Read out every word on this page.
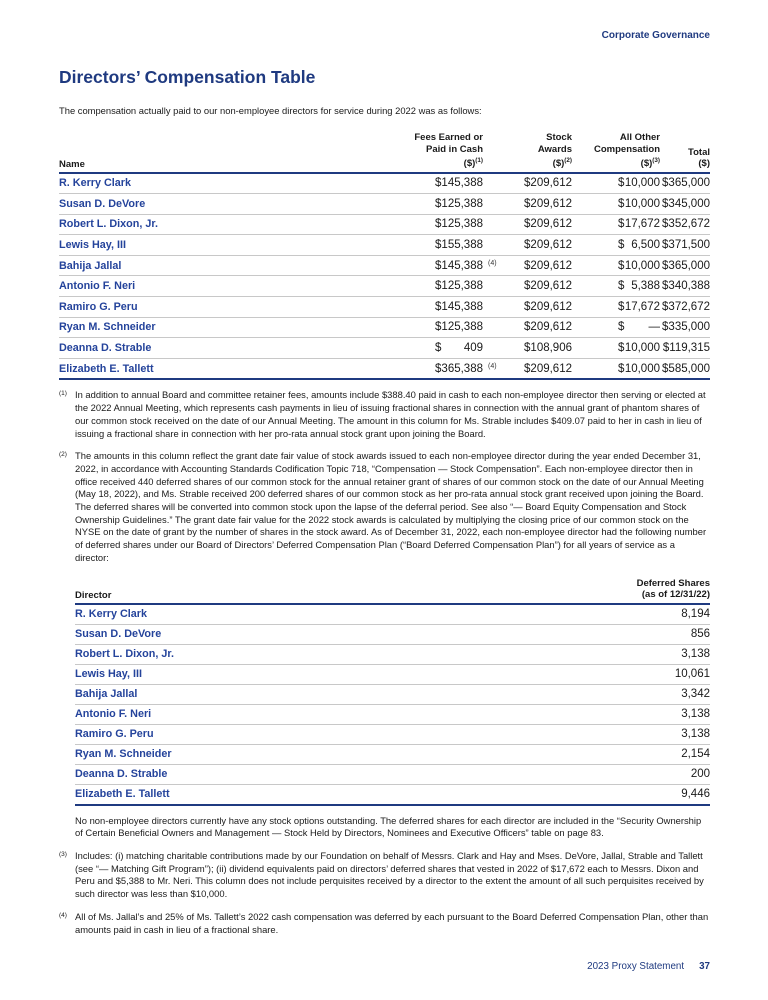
Corporate Governance
Directors’ Compensation Table

The compensation actually paid to our non-employee directors for service during 2022 was as follows:

Name
Fees Earned or
Paid in Cash
($)$^{(1)}$
Stock
Awards
($)$^{(2)}$
All Other
Compensation
($)$^{(3)}$
Total
($)
R. Kerry Clark	$ 145,388	$ 209,612	$ 10,000 $365,000
Susan D. DeVore	$ 125,388	$ 209,612	$ 10,000 $345,000
Robert L. Dixon, Jr.	$ 125,388	$ 209,612	$ 17,672 $352,672
Lewis Hay, III	$ 155,388	$ 209,612	$ 6,500 $371,500
Bahija Jallal	$ 145,388 (4)	$ 209,612	$ 10,000 $365,000
Antonio F. Neri	$ 125,388	$ 209,612	$ 5,388 $340,388
Ramiro G. Peru	$ 145,388	$ 209,612	$ 17,672 $372,672
Ryan M. Schneider	$ 125,388	$ 209,612	$ — $335,000
Deanna D. Strable	$ 409	$ 108,906	$ 10,000 $119,315
Elizabeth E. Tallett	$ 365,388 (4)	$ 209,612	$ 10,000 $585,000
(1) In addition to annual Board and committee retainer fees, amounts include $388.40 paid in cash to each non-employee director then serving or elected at the 2022 Annual Meeting, which represents cash payments in lieu of issuing fractional shares in connection with the annual grant of phantom shares of our common stock received on the date of our Annual Meeting. The amount in this column for Ms. Strable includes $409.07 paid to her in cash in lieu of issuing a fractional share in connection with her pro-rata annual stock grant upon joining the Board.
(2) The amounts in this column reflect the grant date fair value of stock awards issued to each non-employee director during the year ended December 31, 2022, in accordance with Accounting Standards Codification Topic 718, “Compensation — Stock Compensation”. Each non-employee director then in office received 440 deferred shares of our common stock for the annual retainer grant of shares of our common stock on the date of our Annual Meeting (May 18, 2022), and Ms. Strable received 200 deferred shares of our common stock as her pro-rata annual stock grant received upon joining the Board. The deferred shares will be converted into common stock upon the lapse of the deferral period. See also “— Board Equity Compensation and Stock Ownership Guidelines.” The grant date fair value for the 2022 stock awards is calculated by multiplying the closing price of our common stock on the NYSE on the date of grant by the number of shares in the stock award. As of December 31, 2022, each non-employee director had the following number of deferred shares under our Board of Directors’ Deferred Compensation Plan (“Board Deferred Compensation Plan”) for all years of service as a director:
Director
Deferred Shares
(as of 12/31/22)
R. Kerry Clark	8,194
Susan D. DeVore	856
Robert L. Dixon, Jr.	3,138
Lewis Hay, III	10,061
Bahija Jallal	3,342
Antonio F. Neri	3,138
Ramiro G. Peru	3,138
Ryan M. Schneider	2,154
Deanna D. Strable	200
Elizabeth E. Tallett	9,446

No non-employee directors currently have any stock options outstanding. The deferred shares for each director are included in the “Security Ownership of Certain Beneficial Owners and Management — Stock Held by Directors, Nominees and Executive Officers” table on page 83.

(3) Includes: (i) matching charitable contributions made by our Foundation on behalf of Messrs. Clark and Hay and Mses. DeVore, Jallal, Strable and Tallett (see “— Matching Gift Program”); (ii) dividend equivalents paid on directors’ deferred shares that vested in 2022 of $17,672 each to Messrs. Dixon and Peru and $5,388 to Mr. Neri. This column does not include perquisites received by a director to the extent the amount of all such perquisites received by such director was less than $10,000.
(4) All of Ms. Jallal’s and 25% of Ms. Tallett’s 2022 cash compensation was deferred by each pursuant to the Board Deferred Compensation Plan, other than amounts paid in cash in lieu of a fractional share.
2023 Proxy Statement 37
